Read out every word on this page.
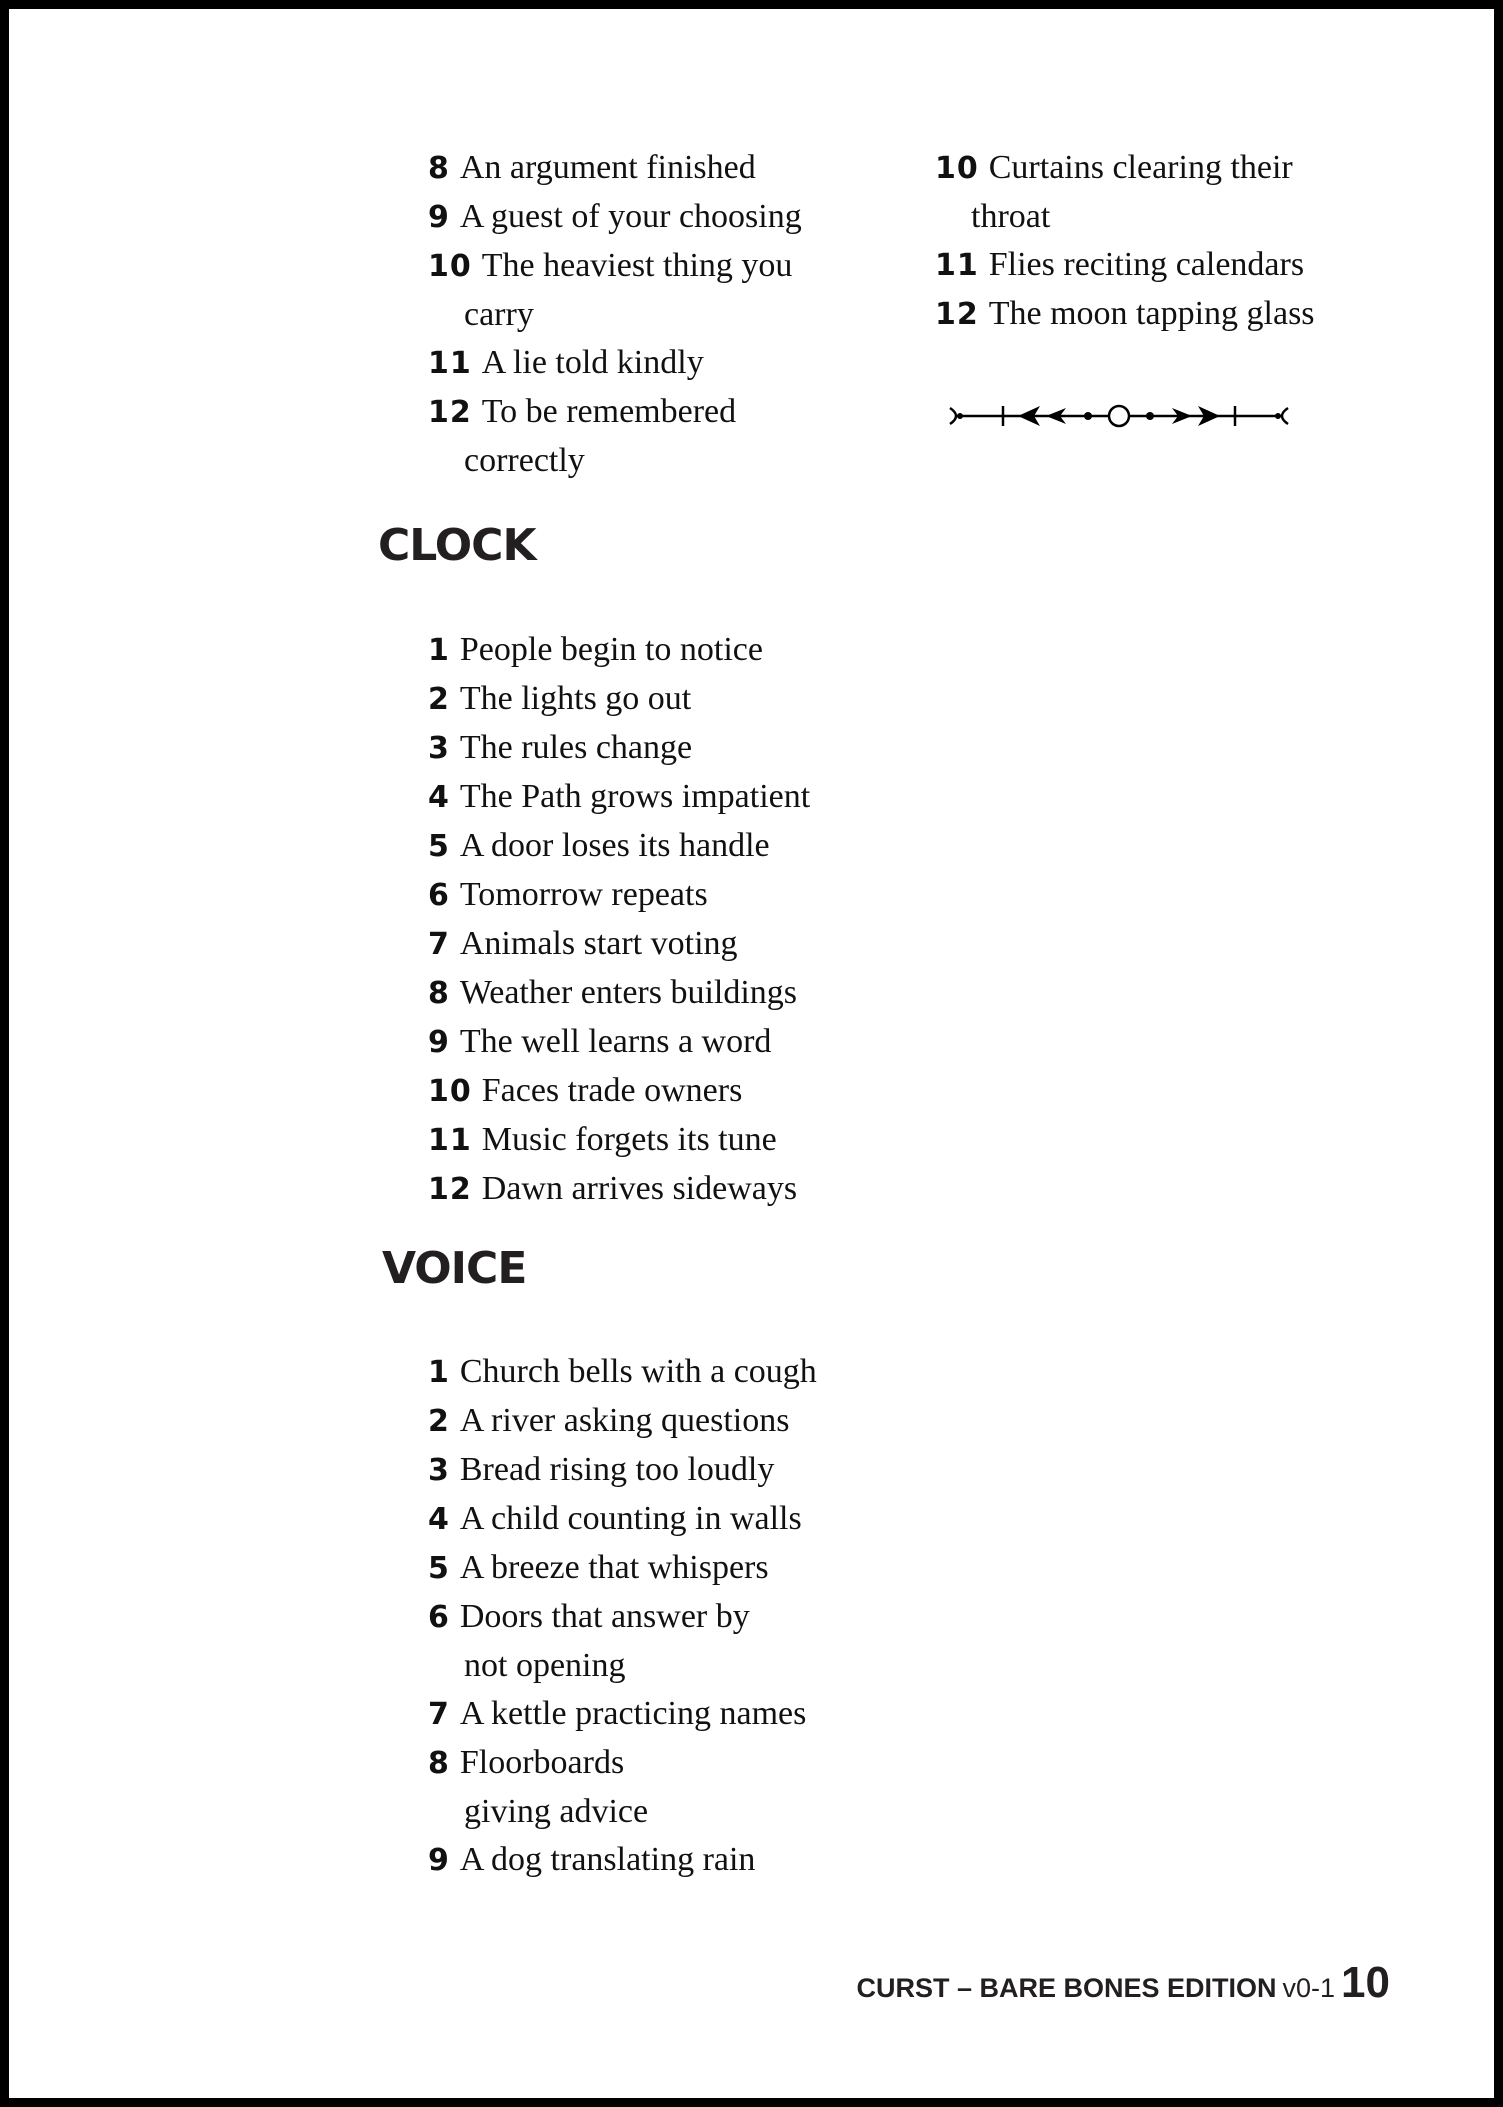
8 An argument finished
9 A guest of your choosing
10 The heaviest thing you
carry
11 A lie told kindly
12 To be remembered
correctly
10 Curtains clearing their
throat
11 Flies reciting calendars
12 The moon tapping glass
CLOCK
1 People begin to notice
2 The lights go out
3 The rules change
4 The Path grows impatient
5 A door loses its handle
6 Tomorrow repeats
7 Animals start voting
8 Weather enters buildings
9 The well learns a word
10 Faces trade owners
11 Music forgets its tune
12 Dawn arrives sideways
VOICE
1 Church bells with a cough
2 A river asking questions
3 Bread rising too loudly
4 A child counting in walls
5 A breeze that whispers
6 Doors that answer by
not opening
7 A kettle practicing names
8 Floorboards
giving advice
9 A dog translating rain
CURST – BARE BONES EDITION v0-1 10
